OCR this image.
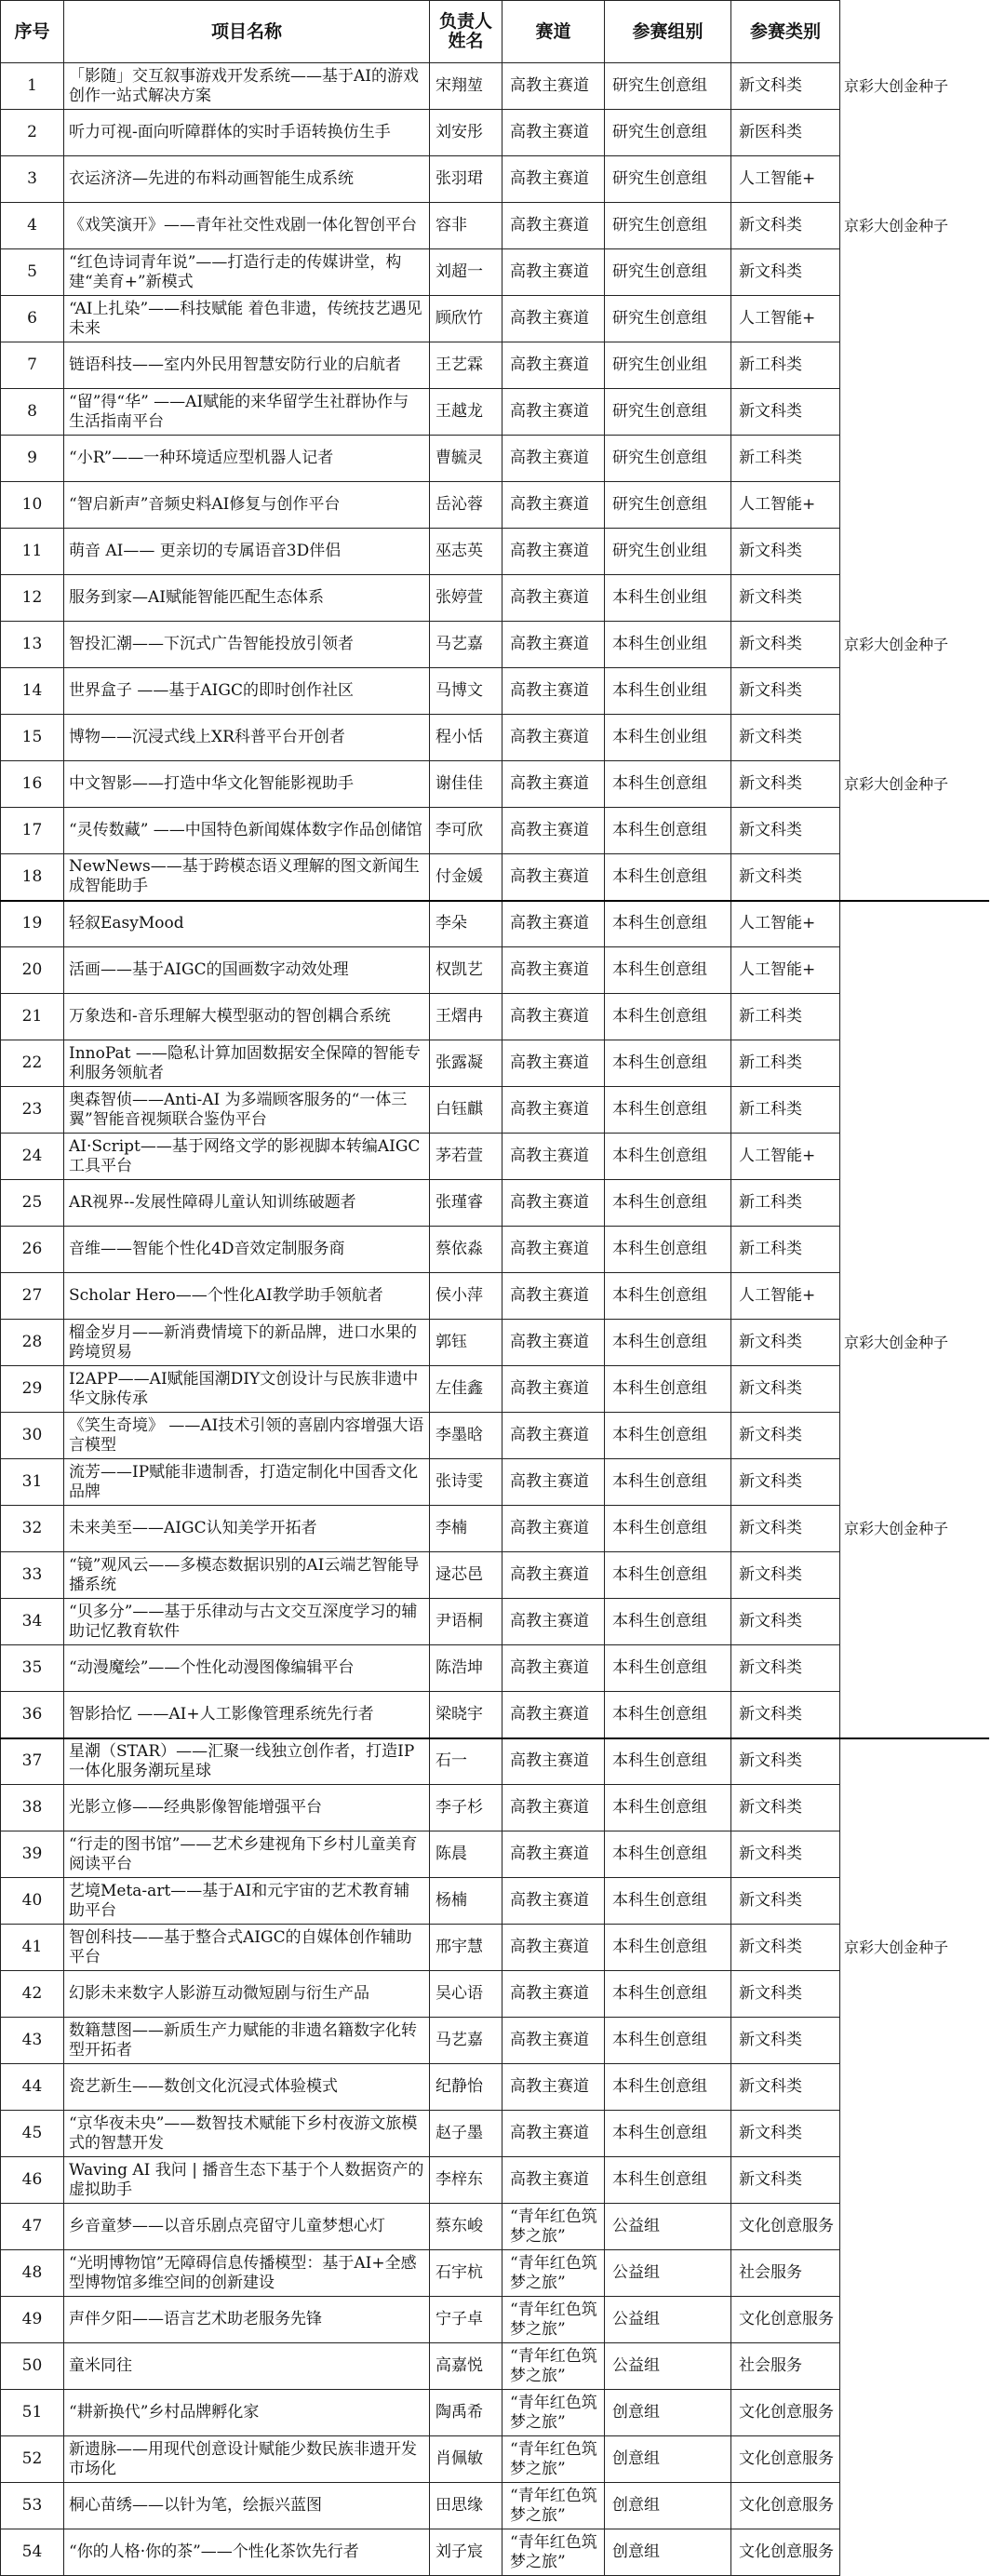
序号	项目名称	负责人姓名	赛道	参赛组别	参赛类别	
1	「影随」交互叙事游戏开发系统——基于AI的游戏创作一站式解决方案	宋翔堃	高教主赛道	研究生创意组	新文科类	京彩大创金种子
2	听力可视-面向听障群体的实时手语转换仿生手	刘安彤	高教主赛道	研究生创意组	新医科类	
3	衣运济济—先进的布料动画智能生成系统	张羽珺	高教主赛道	研究生创意组	人工智能+	
4	《戏笑演开》——青年社交性戏剧一体化智创平台	容非	高教主赛道	研究生创意组	新文科类	京彩大创金种子
5	“红色诗词青年说”——打造行走的传媒讲堂，构建“美育+”新模式	刘超一	高教主赛道	研究生创意组	新文科类	
6	“AI上扎染”——科技赋能 着色非遗，传统技艺遇见未来	顾欣竹	高教主赛道	研究生创意组	人工智能+	
7	链语科技——室内外民用智慧安防行业的启航者	王艺霖	高教主赛道	研究生创业组	新工科类	
8	“留”得“华” ——AI赋能的来华留学生社群协作与生活指南平台	王越龙	高教主赛道	研究生创意组	新文科类	
9	“小R”——一种环境适应型机器人记者	曹毓灵	高教主赛道	研究生创意组	新工科类	
10	“智启新声”音频史料AI修复与创作平台	岳沁蓉	高教主赛道	研究生创意组	人工智能+	
11	萌音 AI—— 更亲切的专属语音3D伴侣	巫志英	高教主赛道	研究生创业组	新文科类	
12	服务到家—AI赋能智能匹配生态体系	张婷萱	高教主赛道	本科生创业组	新文科类	
13	智投汇潮——下沉式广告智能投放引领者	马艺嘉	高教主赛道	本科生创业组	新文科类	京彩大创金种子
14	世界盒子 ——基于AIGC的即时创作社区	马博文	高教主赛道	本科生创业组	新文科类	
15	博物——沉浸式线上XR科普平台开创者	程小恬	高教主赛道	本科生创业组	新文科类	
16	中文智影——打造中华文化智能影视助手	谢佳佳	高教主赛道	本科生创意组	新文科类	京彩大创金种子
17	“灵传数藏” ——中国特色新闻媒体数字作品创储馆	李可欣	高教主赛道	本科生创意组	新文科类	
18	NewNews——基于跨模态语义理解的图文新闻生成智能助手	付金媛	高教主赛道	本科生创意组	新文科类	
19	轻叙EasyMood	李朵	高教主赛道	本科生创意组	人工智能+	
20	活画——基于AIGC的国画数字动效处理	权凯艺	高教主赛道	本科生创意组	人工智能+	
21	万象迭和-音乐理解大模型驱动的智创耦合系统	王熠冉	高教主赛道	本科生创意组	新工科类	
22	InnoPat ——隐私计算加固数据安全保障的智能专利服务领航者	张露凝	高教主赛道	本科生创意组	新工科类	
23	奥森智侦——Anti-AI 为多端顾客服务的“一体三翼”智能音视频联合鉴伪平台	白钰麒	高教主赛道	本科生创意组	新工科类	
24	AI·Script——基于网络文学的影视脚本转编AIGC工具平台	茅若萱	高教主赛道	本科生创意组	人工智能+	
25	AR视界--发展性障碍儿童认知训练破题者	张瑾睿	高教主赛道	本科生创意组	新工科类	
26	音维——智能个性化4D音效定制服务商	蔡依淼	高教主赛道	本科生创意组	新工科类	
27	Scholar Hero——个性化AI教学助手领航者	侯小萍	高教主赛道	本科生创意组	人工智能+	
28	榴金岁月——新消费情境下的新品牌，进口水果的跨境贸易	郭钰	高教主赛道	本科生创意组	新文科类	京彩大创金种子
29	I2APP——AI赋能国潮DIY文创设计与民族非遗中华文脉传承	左佳鑫	高教主赛道	本科生创意组	新文科类	
30	《笑生奇境》 ——AI技术引领的喜剧内容增强大语言模型	李墨晗	高教主赛道	本科生创意组	新文科类	
31	流芳——IP赋能非遗制香，打造定制化中国香文化品牌	张诗雯	高教主赛道	本科生创意组	新文科类	
32	未来美至——AIGC认知美学开拓者	李楠	高教主赛道	本科生创意组	新文科类	京彩大创金种子
33	“镜”观风云——多模态数据识别的AI云端艺智能导播系统	逯芯邑	高教主赛道	本科生创意组	新文科类	
34	“贝多分”——基于乐律动与古文交互深度学习的辅助记忆教育软件	尹语桐	高教主赛道	本科生创意组	新文科类	
35	“动漫魔绘”——个性化动漫图像编辑平台	陈浩坤	高教主赛道	本科生创意组	新文科类	
36	智影拾忆 ——AI+人工影像管理系统先行者	梁晓宇	高教主赛道	本科生创意组	新文科类	
37	星潮（STAR）——汇聚一线独立创作者，打造IP一体化服务潮玩星球	石一	高教主赛道	本科生创意组	新文科类	
38	光影立修——经典影像智能增强平台	李子杉	高教主赛道	本科生创意组	新文科类	
39	“行走的图书馆”——艺术乡建视角下乡村儿童美育阅读平台	陈晨	高教主赛道	本科生创意组	新文科类	
40	艺境Meta-art——基于AI和元宇宙的艺术教育辅助平台	杨楠	高教主赛道	本科生创意组	新文科类	
41	智创科技——基于整合式AIGC的自媒体创作辅助平台	邢宇慧	高教主赛道	本科生创意组	新文科类	京彩大创金种子
42	幻影未来数字人影游互动微短剧与衍生产品	吴心语	高教主赛道	本科生创意组	新文科类	
43	数籍慧图——新质生产力赋能的非遗名籍数字化转型开拓者	马艺嘉	高教主赛道	本科生创意组	新文科类	
44	瓷艺新生——数创文化沉浸式体验模式	纪静怡	高教主赛道	本科生创意组	新文科类	
45	“京华夜未央”——数智技术赋能下乡村夜游文旅模式的智慧开发	赵子墨	高教主赛道	本科生创意组	新文科类	
46	Waving AI 我问 | 播音生态下基于个人数据资产的虚拟助手	李梓东	高教主赛道	本科生创意组	新文科类	
47	乡音童梦——以音乐剧点亮留守儿童梦想心灯	蔡东峻	“青年红色筑梦之旅”	公益组	文化创意服务	
48	“光明博物馆”无障碍信息传播模型：基于AI+全感型博物馆多维空间的创新建设	石宇杭	“青年红色筑梦之旅”	公益组	社会服务	
49	声伴夕阳——语言艺术助老服务先锋	宁子卓	“青年红色筑梦之旅”	公益组	文化创意服务	
50	童米同往	高嘉悦	“青年红色筑梦之旅”	公益组	社会服务	
51	“耕新换代”乡村品牌孵化家	陶禹希	“青年红色筑梦之旅”	创意组	文化创意服务	
52	新遗脉——用现代创意设计赋能少数民族非遗开发市场化	肖佩敏	“青年红色筑梦之旅”	创意组	文化创意服务	
53	桐心苗绣——以针为笔，绘振兴蓝图	田思缘	“青年红色筑梦之旅”	创意组	文化创意服务	
54	“你的人格·你的茶”——个性化茶饮先行者	刘子宸	“青年红色筑梦之旅”	创意组	文化创意服务	
